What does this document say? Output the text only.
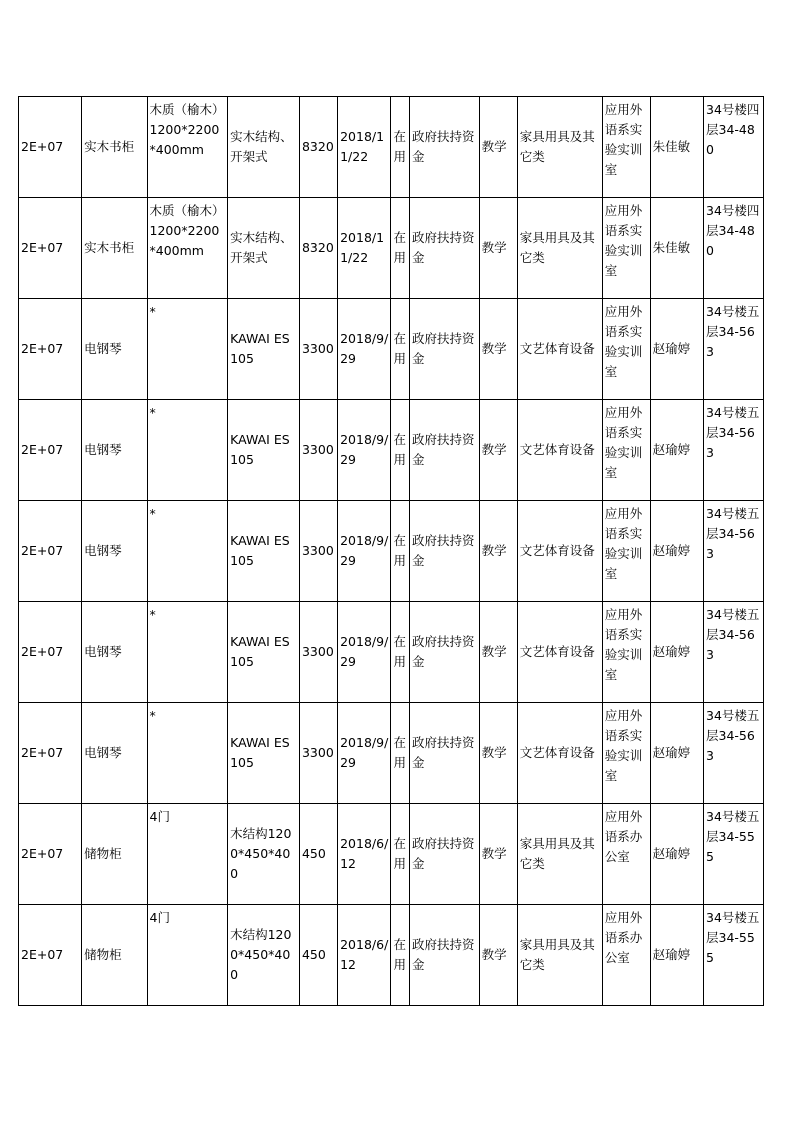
2E+07	实木书柜	木质（榆木）1200*2200*400mm	实木结构、开架式	8320	2018/11/22	在用	政府扶持资金	教学	家具用具及其它类	应用外语系实验实训室	朱佳敏	34号楼四层34-480
2E+07	实木书柜	木质（榆木）1200*2200*400mm	实木结构、开架式	8320	2018/11/22	在用	政府扶持资金	教学	家具用具及其它类	应用外语系实验实训室	朱佳敏	34号楼四层34-480
2E+07	电钢琴	*	KAWAI ES105	3300	2018/9/29	在用	政府扶持资金	教学	文艺体育设备	应用外语系实验实训室	赵瑜婷	34号楼五层34-563
2E+07	电钢琴	*	KAWAI ES105	3300	2018/9/29	在用	政府扶持资金	教学	文艺体育设备	应用外语系实验实训室	赵瑜婷	34号楼五层34-563
2E+07	电钢琴	*	KAWAI ES105	3300	2018/9/29	在用	政府扶持资金	教学	文艺体育设备	应用外语系实验实训室	赵瑜婷	34号楼五层34-563
2E+07	电钢琴	*	KAWAI ES105	3300	2018/9/29	在用	政府扶持资金	教学	文艺体育设备	应用外语系实验实训室	赵瑜婷	34号楼五层34-563
2E+07	电钢琴	*	KAWAI ES105	3300	2018/9/29	在用	政府扶持资金	教学	文艺体育设备	应用外语系实验实训室	赵瑜婷	34号楼五层34-563
2E+07	储物柜	4门	木结构1200*450*400	450	2018/6/12	在用	政府扶持资金	教学	家具用具及其它类	应用外语系办公室	赵瑜婷	34号楼五层34-555
2E+07	储物柜	4门	木结构1200*450*400	450	2018/6/12	在用	政府扶持资金	教学	家具用具及其它类	应用外语系办公室	赵瑜婷	34号楼五层34-555
